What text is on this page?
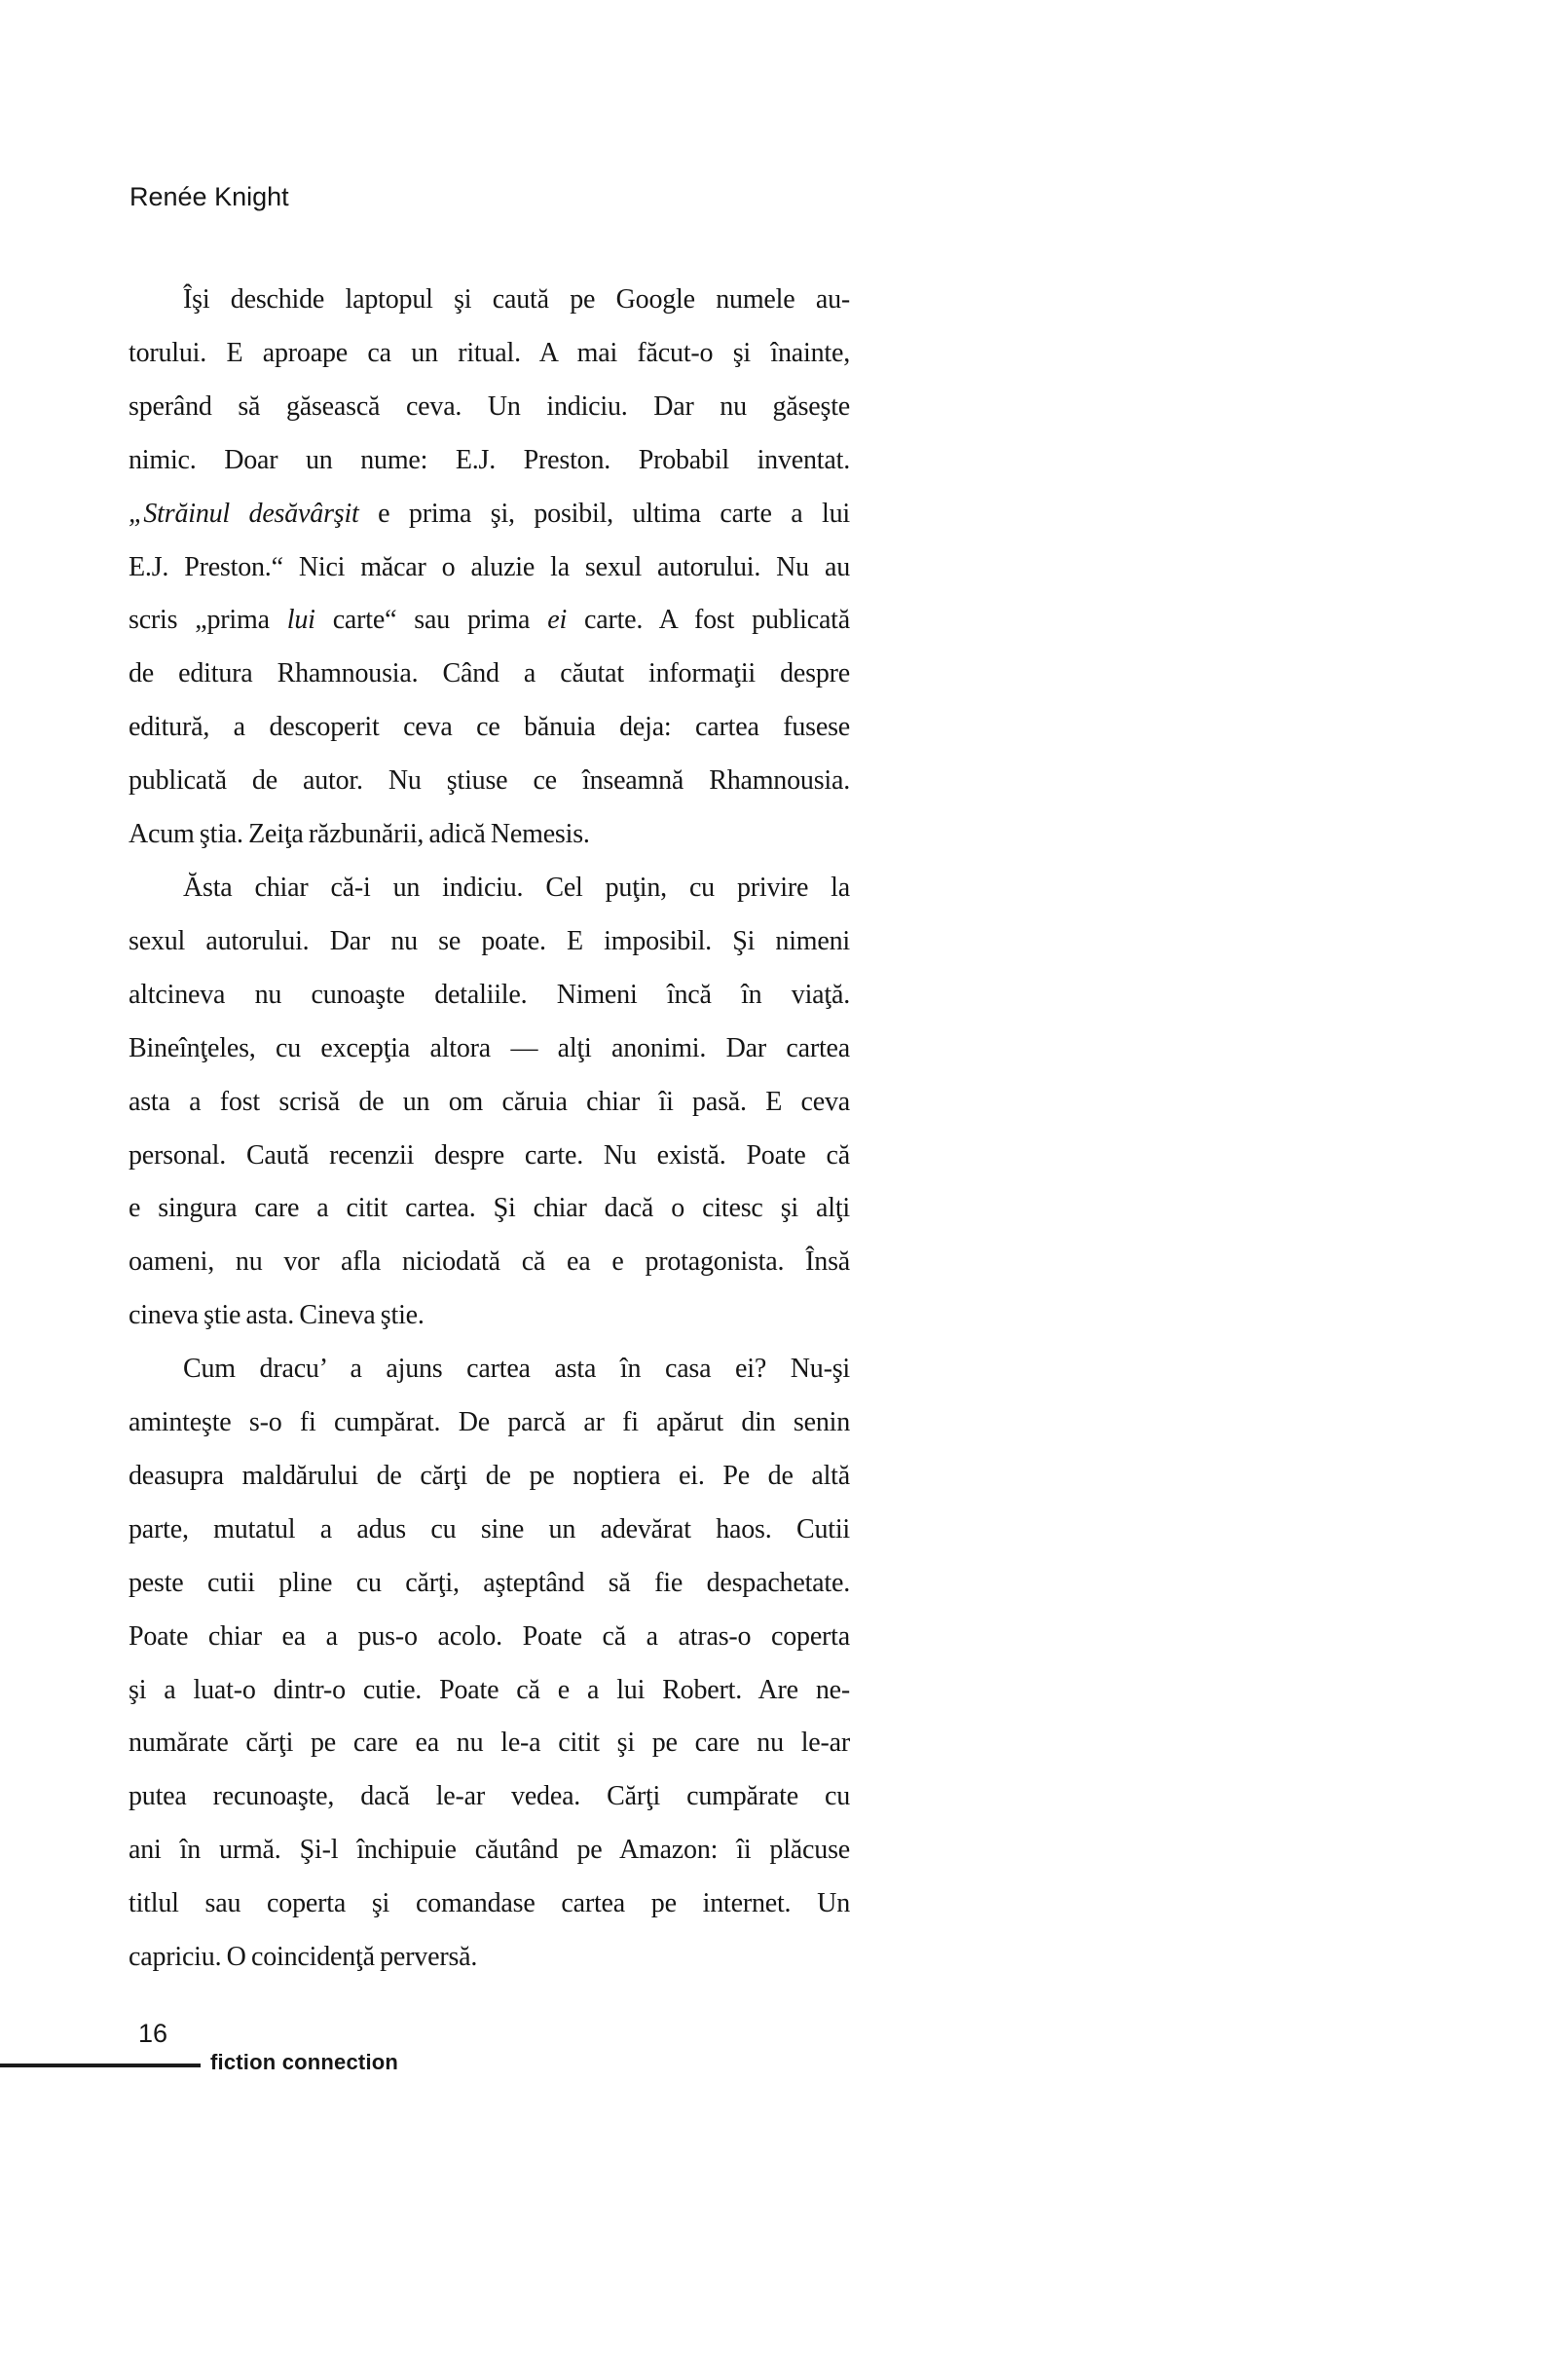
Renée Knight
Îşi deschide laptopul şi caută pe Google numele au-
torului. E aproape ca un ritual. A mai făcut-o şi înainte,
sperând să găsească ceva. Un indiciu. Dar nu găseşte
nimic. Doar un nume: E.J. Preston. Probabil inventat.
„Străinul desăvârşit e prima şi, posibil, ultima carte a lui
E.J. Preston.“ Nici măcar o aluzie la sexul autorului. Nu au
scris „prima lui carte“ sau prima ei carte. A fost publicată
de editura Rhamnousia. Când a căutat informaţii despre
editură, a descoperit ceva ce bănuia deja: cartea fusese
publicată de autor. Nu ştiuse ce înseamnă Rhamnousia.
Acum ştia. Zeiţa răzbunării, adică Nemesis.
Ăsta chiar că-i un indiciu. Cel puţin, cu privire la
sexul autorului. Dar nu se poate. E imposibil. Şi nimeni
altcineva nu cunoaşte detaliile. Nimeni încă în viaţă.
Bineînţeles, cu excepţia altora — alţi anonimi. Dar cartea
asta a fost scrisă de un om căruia chiar îi pasă. E ceva
personal. Caută recenzii despre carte. Nu există. Poate că
e singura care a citit cartea. Şi chiar dacă o citesc şi alţi
oameni, nu vor afla niciodată că ea e protagonista. Însă
cineva ştie asta. Cineva ştie.
Cum dracu’ a ajuns cartea asta în casa ei? Nu-şi
aminteşte s-o fi cumpărat. De parcă ar fi apărut din senin
deasupra maldărului de cărţi de pe noptiera ei. Pe de altă
parte, mutatul a adus cu sine un adevărat haos. Cutii
peste cutii pline cu cărţi, aşteptând să fie despachetate.
Poate chiar ea a pus-o acolo. Poate că a atras-o coperta
şi a luat-o dintr-o cutie. Poate că e a lui Robert. Are ne-
numărate cărţi pe care ea nu le-a citit şi pe care nu le-ar
putea recunoaşte, dacă le-ar vedea. Cărţi cumpărate cu
ani în urmă. Şi-l închipuie căutând pe Amazon: îi plăcuse
titlul sau coperta şi comandase cartea pe internet. Un
capriciu. O coincidenţă perversă.
16
fiction connection
